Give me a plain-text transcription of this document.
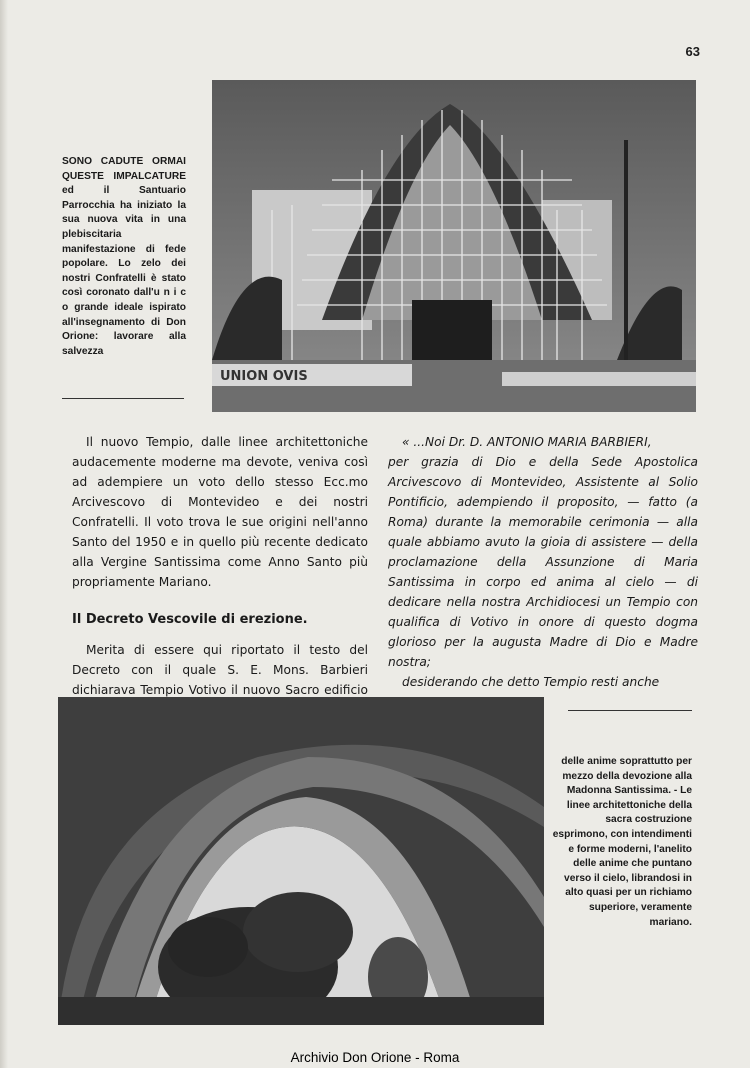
63
UNION OVIS
SONO CADUTE ORMAI QUESTE IMPALCATURE ed il Santuario Parrocchia ha iniziato la sua nuova vita in una plebiscitaria manifestazione di fede popolare. Lo zelo dei nostri Confratelli è stato così coronato dall'u n i c o grande ideale ispirato all'insegnamento di Don Orione: lavorare alla salvezza

Il nuovo Tempio, dalle linee architettoniche audacemente moderne ma devote, veniva così ad adempiere un voto dello stesso Ecc.mo Arcivescovo di Montevideo e dei nostri Confratelli. Il voto trova le sue origini nell'anno Santo del 1950 e in quello più recente dedicato alla Vergine Santissima come Anno Santo più propriamente Mariano.

Il Decreto Vescovile di erezione.

Merita di essere qui riportato il testo del Decreto con il quale S. E. Mons. Barbieri dichiarava Tempio Votivo il nuovo Sacro edificio

« ...Noi Dr. D. ANTONIO MARIA BARBIERI,

per grazia di Dio e della Sede Apostolica Arcivescovo di Montevideo, Assistente al Solio Pontificio, adempiendo il proposito, — fatto (a Roma) durante la memorabile cerimonia — alla quale abbiamo avuto la gioia di assistere — della proclamazione della Assunzione di Maria Santissima in corpo ed anima al cielo — di dedicare nella nostra Archidiocesi un Tempio con qualifica di Votivo in onore di questo dogma glorioso per la augusta Madre di Dio e Madre nostra;

desiderando che detto Tempio resti anche

delle anime soprattutto per mezzo della devozione alla Madonna Santissima. - Le linee architettoniche della sacra costruzione esprimono, con intendimenti e forme moderni, l'anelito delle anime che puntano verso il cielo, librandosi in alto quasi per un richiamo superiore, veramente mariano.
Archivio Don Orione - Roma
